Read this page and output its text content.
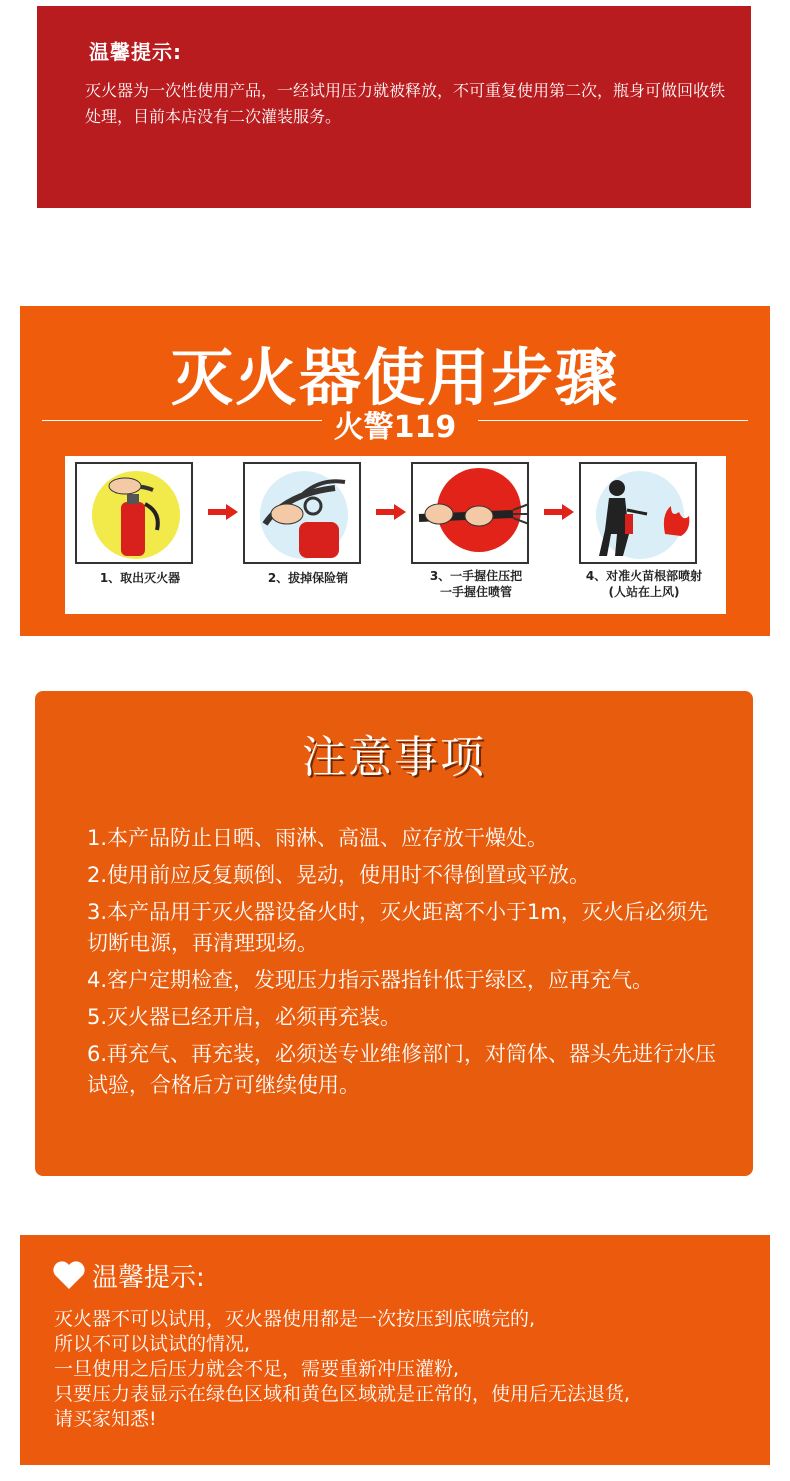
温馨提示:
灭火器为一次性使用产品，一经试用压力就被释放，不可重复使用第二次，瓶身可做回收铁处理，目前本店没有二次灌装服务。
灭火器使用步骤
火警119
1、取出灭火器	2、拔掉保险销	3、一手握住压把
一手握住喷管
4、对准火苗根部喷射
(人站在上风)
注意事项
1.本产品防止日晒、雨淋、高温、应存放干燥处。
2.使用前应反复颠倒、晃动，使用时不得倒置或平放。
3.本产品用于灭火器设备火时，灭火距离不小于1m，灭火后必须先切断电源，再清理现场。
4.客户定期检查，发现压力指示器指针低于绿区，应再充气。
5.灭火器已经开启，必须再充装。
6.再充气、再充装，必须送专业维修部门，对筒体、器头先进行水压试验，合格后方可继续使用。
温馨提示:
灭火器不可以试用，灭火器使用都是一次按压到底喷完的,
所以不可以试试的情况,
一旦使用之后压力就会不足，需要重新冲压灌粉,
只要压力表显示在绿色区域和黄色区域就是正常的，使用后无法退货,
请买家知悉!
